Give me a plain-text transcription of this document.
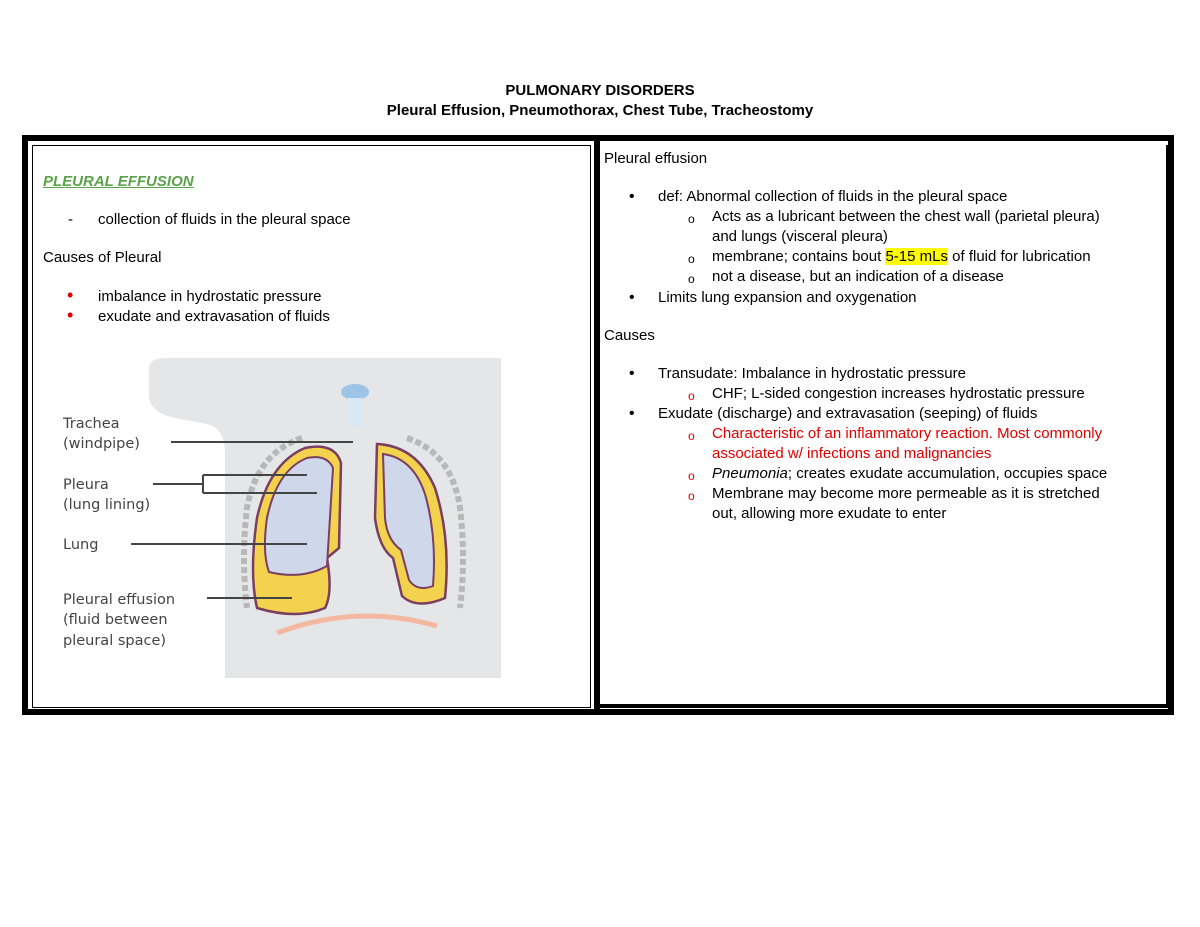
PULMONARY DISORDERS
Pleural Effusion, Pneumothorax, Chest Tube, Tracheostomy
PLEURAL EFFUSION
- collection of fluids in the pleural space
Causes of Pleural
• imbalance in hydrostatic pressure
• exudate and extravasation of fluids
Trachea
(windpipe)
Pleura
(lung lining)
Lung
Pleural effusion
(fluid between
pleural space)
Pleural effusion
• def: Abnormal collection of fluids in the pleural space
o Acts as a lubricant between the chest wall (parietal pleura)
and lungs (visceral pleura)
o membrane; contains bout 5-15 mLs of fluid for lubrication
o not a disease, but an indication of a disease
• Limits lung expansion and oxygenation
Causes
• Transudate: Imbalance in hydrostatic pressure
o CHF; L-sided congestion increases hydrostatic pressure
• Exudate (discharge) and extravasation (seeping) of fluids
o Characteristic of an inflammatory reaction. Most commonly
associated w/ infections and malignancies
o Pneumonia; creates exudate accumulation, occupies space
o Membrane may become more permeable as it is stretched
out, allowing more exudate to enter
